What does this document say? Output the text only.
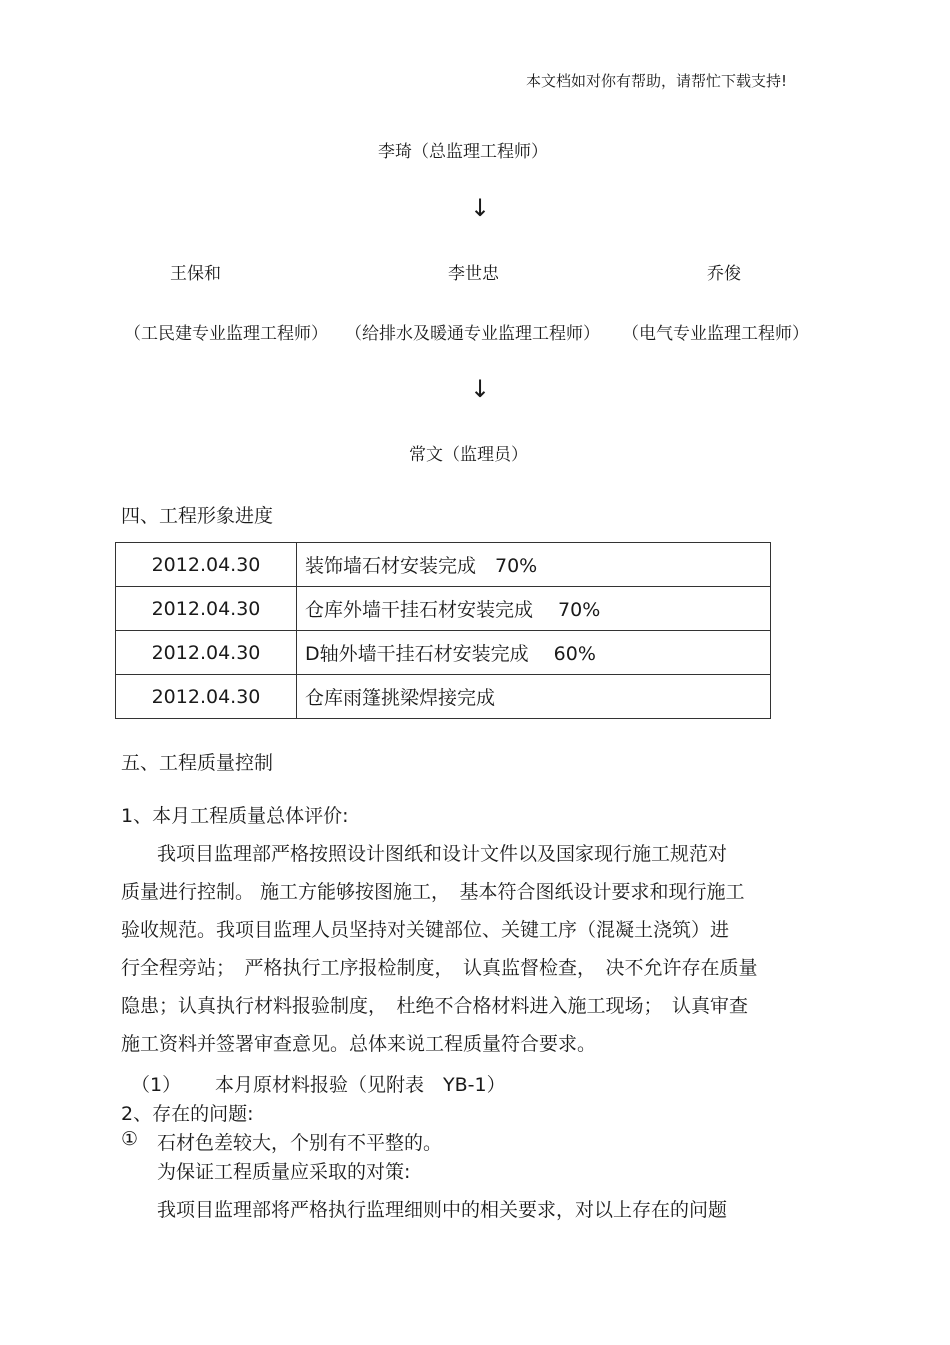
本文档如对你有帮助，请帮忙下载支持!
李琦（总监理工程师）
↓
王保和	李世忠	乔俊
（工民建专业监理工程师） （给排水及暖通专业监理工程师） （电气专业监理工程师）
↓
常文（监理员）
四、工程形象进度
2012.04.30	装饰墙石材安装完成　70%
2012.04.30	仓库外墙干挂石材安装完成　 70%
2012.04.30	D轴外墙干挂石材安装完成　 60%
2012.04.30	仓库雨篷挑梁焊接完成
五、工程质量控制
1、本月工程质量总体评价:
我项目监理部严格按照设计图纸和设计文件以及国家现行施工规范对
质量进行控制。 施工方能够按图施工，　基本符合图纸设计要求和现行施工
验收规范。我项目监理人员坚持对关键部位、关键工序（混凝土浇筑）进
行全程旁站；　严格执行工序报检制度，　认真监督检查，　决不允许存在质量
隐患；认真执行材料报验制度，　杜绝不合格材料进入施工现场；　认真审查
施工资料并签署审查意见。总体来说工程质量符合要求。
（1） 本月原材料报验（见附表　YB-1）
2、存在的问题:
① 石材色差较大，个别有不平整的。
为保证工程质量应采取的对策:
我项目监理部将严格执行监理细则中的相关要求，对以上存在的问题
